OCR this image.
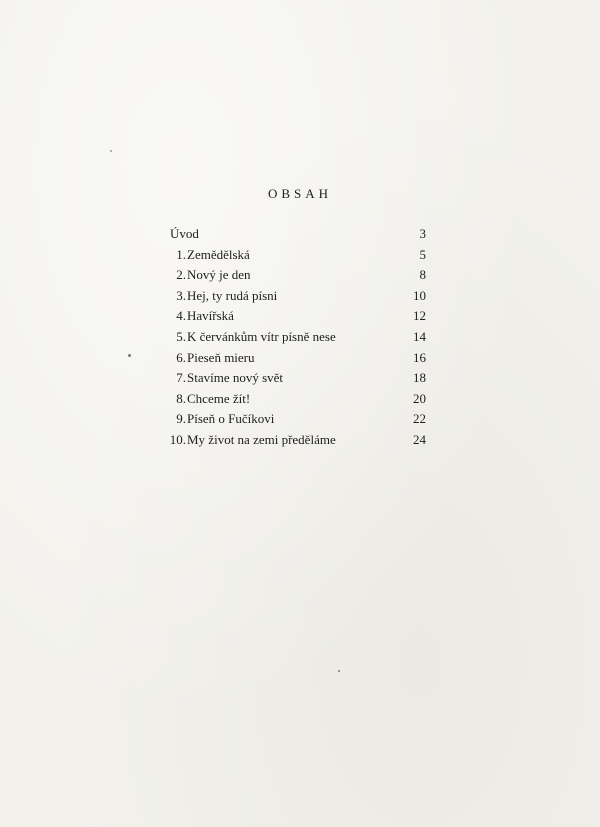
OBSAH
Úvod	3
1. Zemědělská	5
2. Nový je den	8
3. Hej, ty rudá písni	10
4. Havířská	12
5. K červánkům vítr písně nese	14
6. Pieseň mieru	16
7. Stavíme nový svět	18
8. Chceme žít!	20
9. Píseň o Fučíkovi	22
10. My život na zemi předěláme	24
